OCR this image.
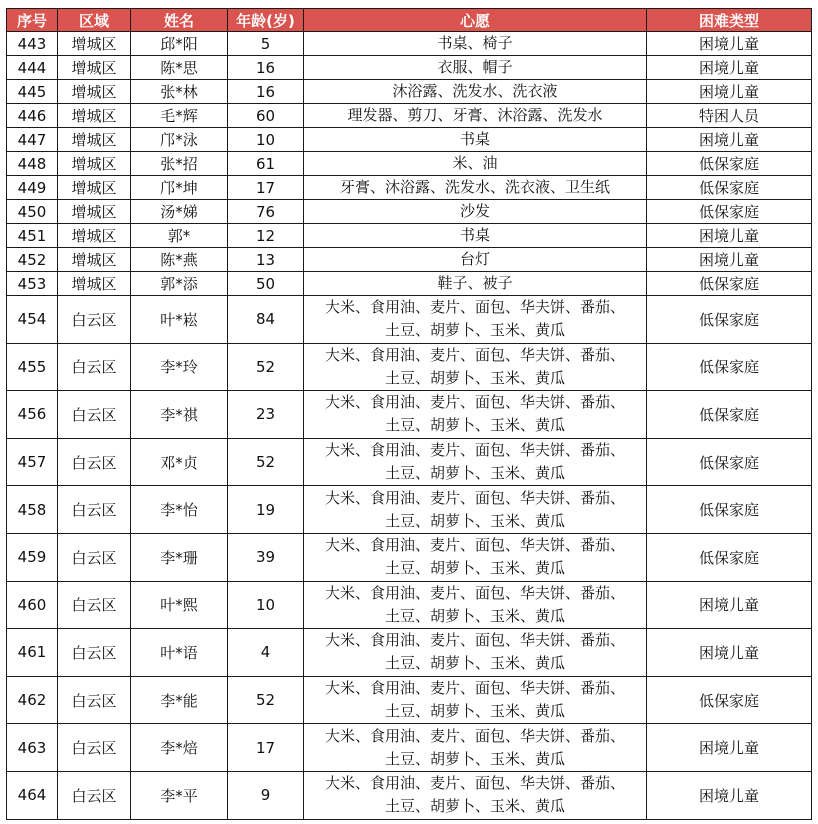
序号	区域	姓名	年龄(岁)	心愿	困难类型
443	增城区	邱*阳	5	书桌、椅子	困境儿童
444	增城区	陈*思	16	衣服、帽子	困境儿童
445	增城区	张*林	16	沐浴露、洗发水、洗衣液	困境儿童
446	增城区	毛*辉	60	理发器、剪刀、牙膏、沐浴露、洗发水	特困人员
447	增城区	邝*泳	10	书桌	困境儿童
448	增城区	张*招	61	米、油	低保家庭
449	增城区	邝*坤	17	牙膏、沐浴露、洗发水、洗衣液、卫生纸	低保家庭
450	增城区	汤*娣	76	沙发	低保家庭
451	增城区	郭*	12	书桌	困境儿童
452	增城区	陈*燕	13	台灯	困境儿童
453	增城区	郭*添	50	鞋子、被子	低保家庭
454	白云区	叶*崧	84	大米、食用油、麦片、面包、华夫饼、番茄、
土豆、胡萝卜、玉米、黄瓜	低保家庭
455	白云区	李*玲	52	大米、食用油、麦片、面包、华夫饼、番茄、
土豆、胡萝卜、玉米、黄瓜	低保家庭
456	白云区	李*祺	23	大米、食用油、麦片、面包、华夫饼、番茄、
土豆、胡萝卜、玉米、黄瓜	低保家庭
457	白云区	邓*贞	52	大米、食用油、麦片、面包、华夫饼、番茄、
土豆、胡萝卜、玉米、黄瓜	低保家庭
458	白云区	李*怡	19	大米、食用油、麦片、面包、华夫饼、番茄、
土豆、胡萝卜、玉米、黄瓜	低保家庭
459	白云区	李*珊	39	大米、食用油、麦片、面包、华夫饼、番茄、
土豆、胡萝卜、玉米、黄瓜	低保家庭
460	白云区	叶*熙	10	大米、食用油、麦片、面包、华夫饼、番茄、
土豆、胡萝卜、玉米、黄瓜	困境儿童
461	白云区	叶*语	4	大米、食用油、麦片、面包、华夫饼、番茄、
土豆、胡萝卜、玉米、黄瓜	困境儿童
462	白云区	李*能	52	大米、食用油、麦片、面包、华夫饼、番茄、
土豆、胡萝卜、玉米、黄瓜	低保家庭
463	白云区	李*焙	17	大米、食用油、麦片、面包、华夫饼、番茄、
土豆、胡萝卜、玉米、黄瓜	困境儿童
464	白云区	李*平	9	大米、食用油、麦片、面包、华夫饼、番茄、
土豆、胡萝卜、玉米、黄瓜	困境儿童
